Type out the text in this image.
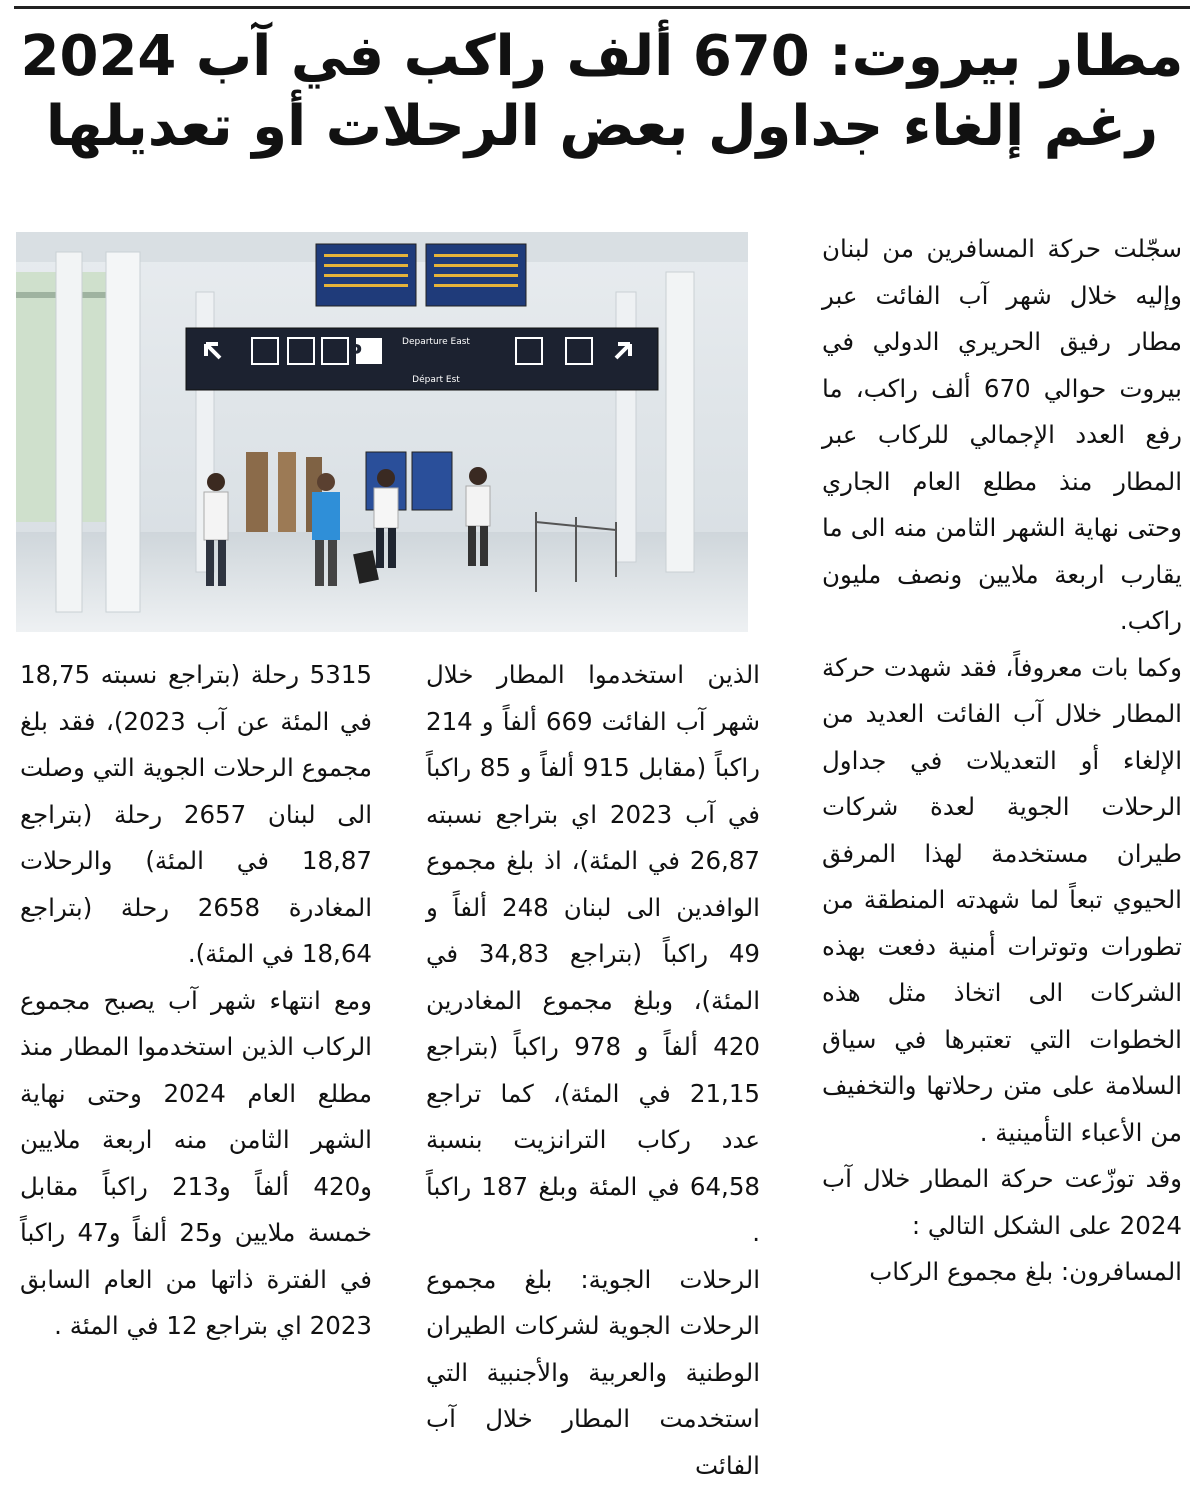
مطار بيروت: 670 ألف راكب في آب 2024
رغم إلغاء جداول بعض الرحلات أو تعديلها
P	Departure East
Départ Est

سجّلت حركة المسافرين من لبنان وإليه خلال شهر آب الفائت عبر مطار رفيق الحريري الدولي في بيروت حوالي 670 ألف راكب، ما رفع العدد الإجمالي للركاب عبر المطار منذ مطلع العام الجاري وحتى نهاية الشهر الثامن منه الى ما يقارب اربعة ملايين ونصف مليون راكب.

وكما بات معروفاً، فقد شهدت حركة المطار خلال آب الفائت العديد من الإلغاء أو التعديلات في جداول الرحلات الجوية لعدة شركات طيران مستخدمة لهذا المرفق الحيوي تبعاً لما شهدته المنطقة من تطورات وتوترات أمنية دفعت بهذه الشركات الى اتخاذ مثل هذه الخطوات التي تعتبرها في سياق السلامة على متن رحلاتها والتخفيف من الأعباء التأمينية .

وقد توزّعت حركة المطار خلال آب 2024 على الشكل التالي :

المسافرون: بلغ مجموع الركاب

الذين استخدموا المطار خلال شهر آب الفائت 669 ألفاً و 214 راكباً (مقابل 915 ألفاً و 85 راكباً في آب 2023 اي بتراجع نسبته 26,87 في المئة)، اذ بلغ مجموع الوافدين الى لبنان 248 ألفاً و 49 راكباً (بتراجع 34,83 في المئة)، وبلغ مجموع المغادرين 420 ألفاً و 978 راكباً (بتراجع 21,15 في المئة)، كما تراجع عدد ركاب الترانزيت بنسبة 64,58 في المئة وبلغ 187 راكباً .

الرحلات الجوية: بلغ مجموع الرحلات الجوية لشركات الطيران الوطنية والعربية والأجنبية التي استخدمت المطار خلال آب الفائت

5315 رحلة (بتراجع نسبته 18,75 في المئة عن آب 2023)، فقد بلغ مجموع الرحلات الجوية التي وصلت الى لبنان 2657 رحلة (بتراجع 18,87 في المئة) والرحلات المغادرة 2658 رحلة (بتراجع 18,64 في المئة).

ومع انتهاء شهر آب يصبح مجموع الركاب الذين استخدموا المطار منذ مطلع العام 2024 وحتى نهاية الشهر الثامن منه اربعة ملايين و420 ألفاً و213 راكباً مقابل خمسة ملايين و25 ألفاً و47 راكباً في الفترة ذاتها من العام السابق 2023 اي بتراجع 12 في المئة .
